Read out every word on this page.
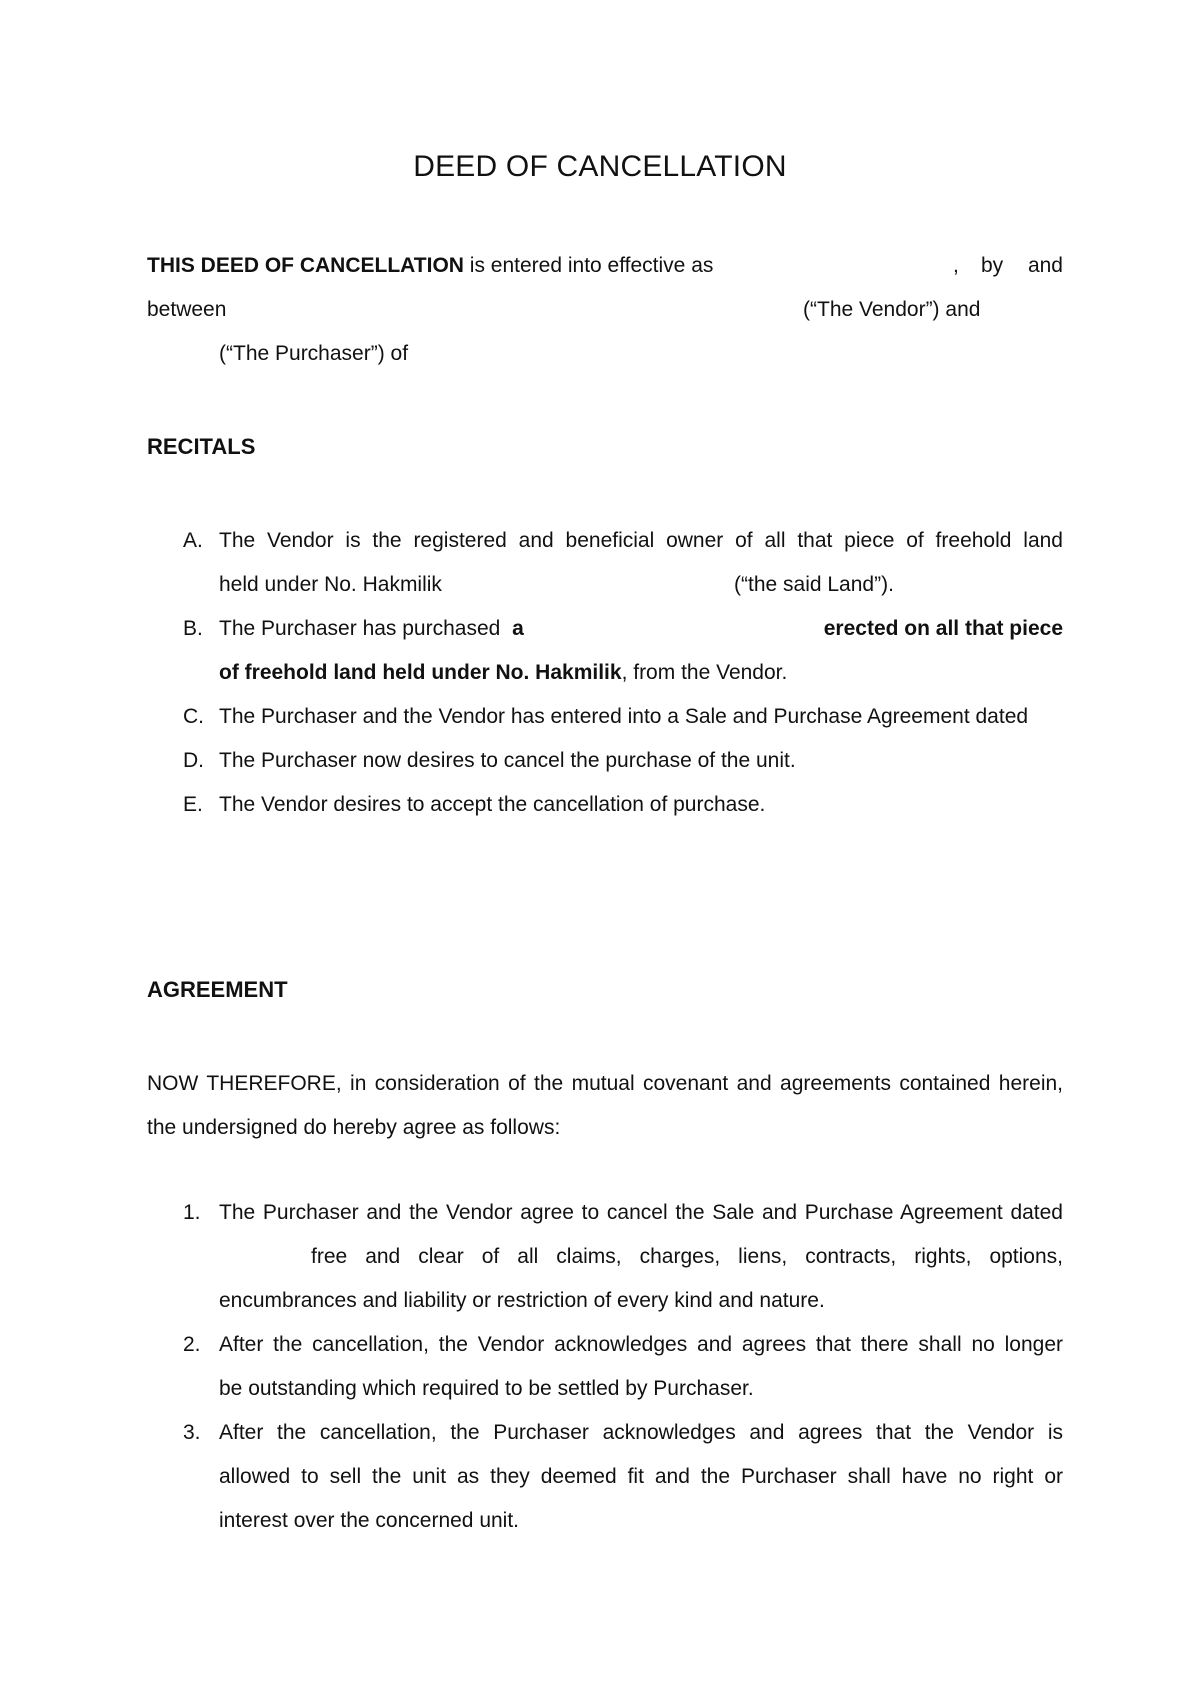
DEED OF CANCELLATION
THIS DEED OF CANCELLATION is entered into effective as	, by and
between	(“The Vendor”) and
(“The Purchaser”) of
RECITALS
A. The Vendor is the registered and beneficial owner of all that piece of freehold land
held under No. Hakmilik	(“the said Land”).
B. The Purchaser has purchased a	erected on all that piece
of freehold land held under No. Hakmilik, from the Vendor.
C. The Purchaser and the Vendor has entered into a Sale and Purchase Agreement dated
D. The Purchaser now desires to cancel the purchase of the unit.
E. The Vendor desires to accept the cancellation of purchase.
AGREEMENT
NOW THEREFORE, in consideration of the mutual covenant and agreements contained herein,
the undersigned do hereby agree as follows:
1. The Purchaser and the Vendor agree to cancel the Sale and Purchase Agreement dated
free and clear of all claims, charges, liens, contracts, rights, options,
encumbrances and liability or restriction of every kind and nature.
2. After the cancellation, the Vendor acknowledges and agrees that there shall no longer
be outstanding which required to be settled by Purchaser.
3. After the cancellation, the Purchaser acknowledges and agrees that the Vendor is
allowed to sell the unit as they deemed fit and the Purchaser shall have no right or
interest over the concerned unit.
